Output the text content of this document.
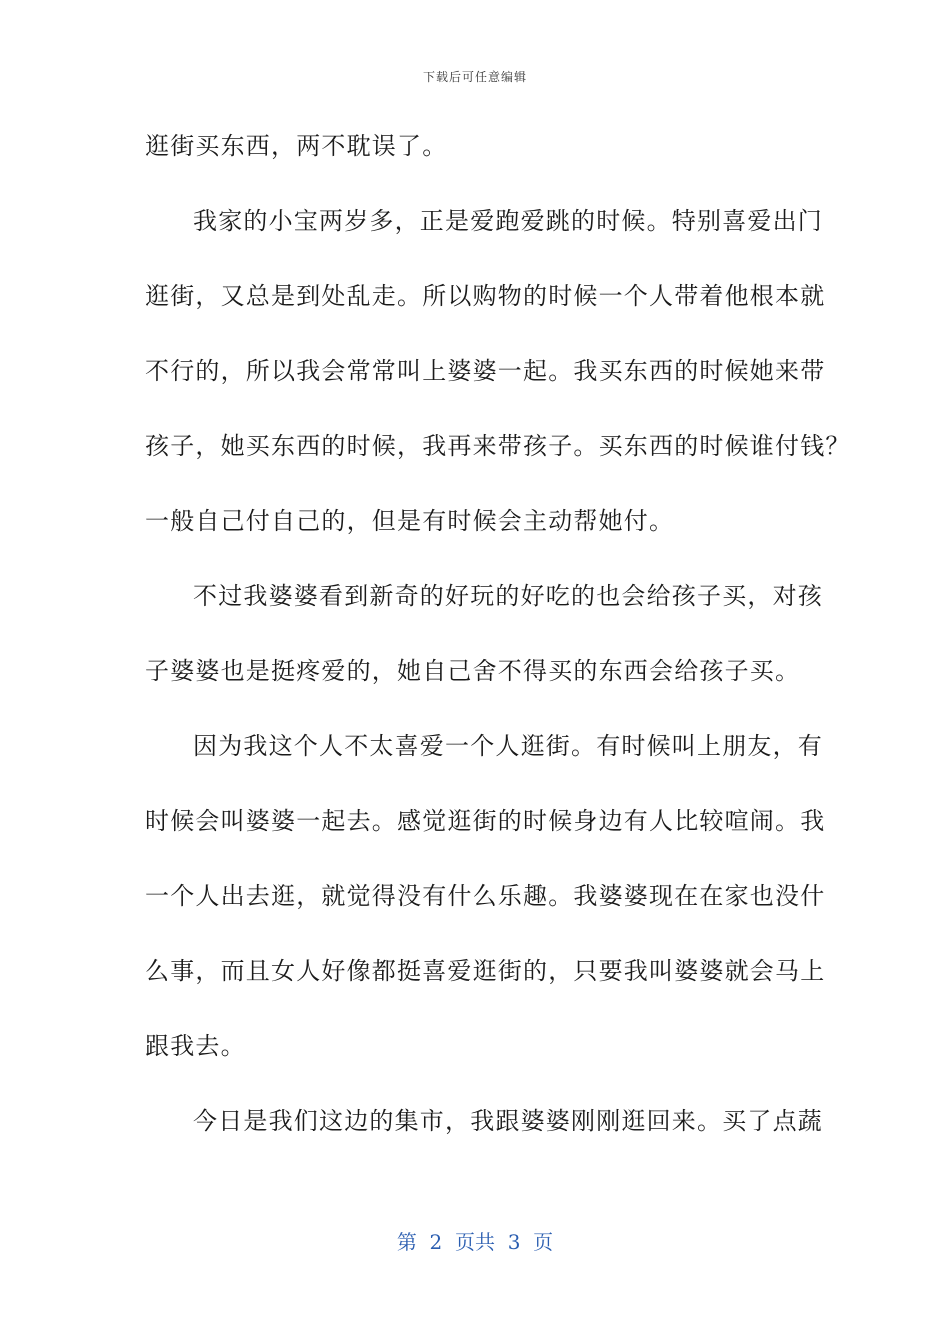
下载后可任意编辑
逛街买东西，两不耽误了。
我家的小宝两岁多，正是爱跑爱跳的时候。特别喜爱出门
逛街，又总是到处乱走。所以购物的时候一个人带着他根本就
不行的，所以我会常常叫上婆婆一起。我买东西的时候她来带
孩子，她买东西的时候，我再来带孩子。买东西的时候谁付钱？
一般自己付自己的，但是有时候会主动帮她付。
不过我婆婆看到新奇的好玩的好吃的也会给孩子买，对孩
子婆婆也是挺疼爱的，她自己舍不得买的东西会给孩子买。
因为我这个人不太喜爱一个人逛街。有时候叫上朋友，有
时候会叫婆婆一起去。感觉逛街的时候身边有人比较喧闹。我
一个人出去逛，就觉得没有什么乐趣。我婆婆现在在家也没什
么事，而且女人好像都挺喜爱逛街的，只要我叫婆婆就会马上
跟我去。
今日是我们这边的集市，我跟婆婆刚刚逛回来。买了点蔬
第  2  页共  3  页
